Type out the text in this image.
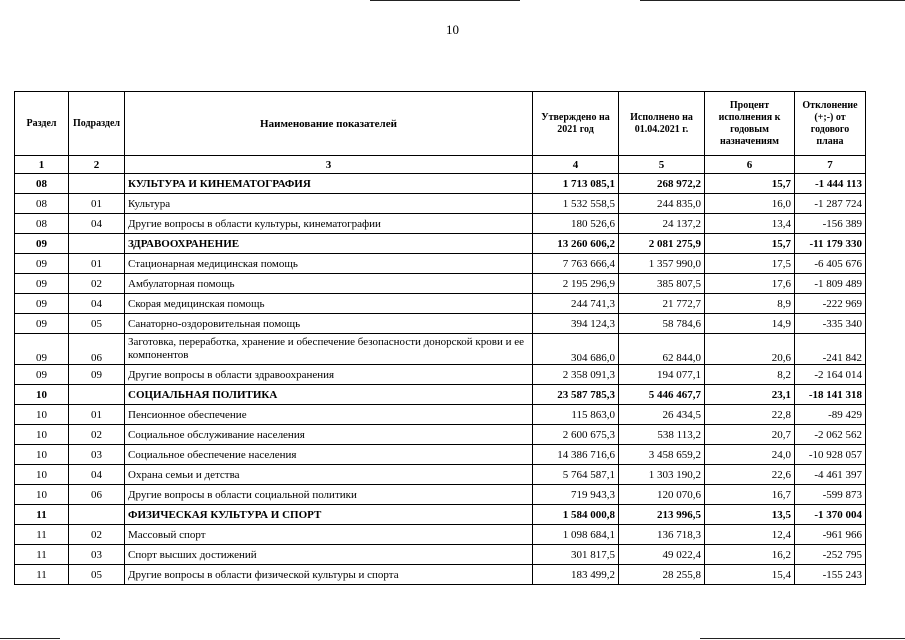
10
Раздел	Подраздел	Наименование показателей	Утверждено на 2021 год	Исполнено на 01.04.2021 г.	Процент исполнения к годовым назначениям	Отклонение (+;-) от годового плана
1	2	3	4	5	6	7
08		КУЛЬТУРА И КИНЕМАТОГРАФИЯ	1 713 085,1	268 972,2	15,7	-1 444 113
08	01	Культура	1 532 558,5	244 835,0	16,0	-1 287 724
08	04	Другие вопросы в области культуры, кинематографии	180 526,6	24 137,2	13,4	-156 389
09		ЗДРАВООХРАНЕНИЕ	13 260 606,2	2 081 275,9	15,7	-11 179 330
09	01	Стационарная медицинская помощь	7 763 666,4	1 357 990,0	17,5	-6 405 676
09	02	Амбулаторная помощь	2 195 296,9	385 807,5	17,6	-1 809 489
09	04	Скорая медицинская помощь	244 741,3	21 772,7	8,9	-222 969
09	05	Санаторно-оздоровительная помощь	394 124,3	58 784,6	14,9	-335 340
09	06	Заготовка, переработка, хранение и обеспечение безопасности донорской крови и ее компонентов	304 686,0	62 844,0	20,6	-241 842
09	09	Другие вопросы в области здравоохранения	2 358 091,3	194 077,1	8,2	-2 164 014
10		СОЦИАЛЬНАЯ ПОЛИТИКА	23 587 785,3	5 446 467,7	23,1	-18 141 318
10	01	Пенсионное обеспечение	115 863,0	26 434,5	22,8	-89 429
10	02	Социальное обслуживание населения	2 600 675,3	538 113,2	20,7	-2 062 562
10	03	Социальное обеспечение населения	14 386 716,6	3 458 659,2	24,0	-10 928 057
10	04	Охрана семьи и детства	5 764 587,1	1 303 190,2	22,6	-4 461 397
10	06	Другие вопросы в области социальной политики	719 943,3	120 070,6	16,7	-599 873
11		ФИЗИЧЕСКАЯ КУЛЬТУРА И СПОРТ	1 584 000,8	213 996,5	13,5	-1 370 004
11	02	Массовый спорт	1 098 684,1	136 718,3	12,4	-961 966
11	03	Спорт высших достижений	301 817,5	49 022,4	16,2	-252 795
11	05	Другие вопросы в области физической культуры и спорта	183 499,2	28 255,8	15,4	-155 243
